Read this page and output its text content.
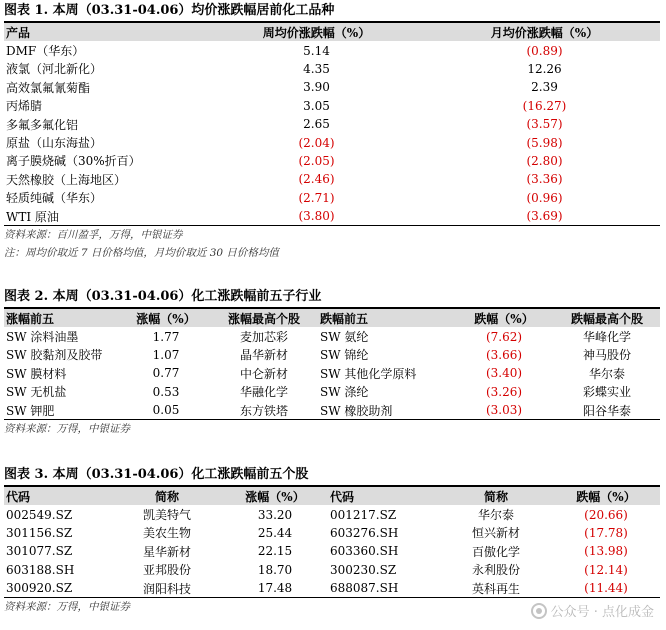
图表 1. 本周（03.31-04.06）均价涨跌幅居前化工品种
产品	周均价涨跌幅（%）	月均价涨跌幅（%）
DMF（华东）	5.14	(0.89)
液氯（河北新化）	4.35	12.26
高效氯氟氰菊酯	3.90	2.39
丙烯腈	3.05	(16.27)
多氟多氟化铝	2.65	(3.57)
原盐（山东海盐）	(2.04)	(5.98)
离子膜烧碱（30%折百）	(2.05)	(2.80)
天然橡胶（上海地区）	(2.46)	(3.36)
轻质纯碱（华东）	(2.71)	(0.96)
WTI 原油	(3.80)	(3.69)
资料来源：百川盈孚，万得，中银证券
注：周均价取近 7 日价格均值，月均价取近 30 日价格均值
图表 2. 本周（03.31-04.06）化工涨跌幅前五子行业
涨幅前五	涨幅（%）	涨幅最高个股	跌幅前五	跌幅（%）	跌幅最高个股
SW 涂料油墨	1.77	麦加芯彩	SW 氨纶	(7.62)	华峰化学
SW 胶黏剂及胶带	1.07	晶华新材	SW 锦纶	(3.66)	神马股份
SW 膜材料	0.77	中仑新材	SW 其他化学原料	(3.40)	华尔泰
SW 无机盐	0.53	华融化学	SW 涤纶	(3.26)	彩蝶实业
SW 钾肥	0.05	东方铁塔	SW 橡胶助剂	(3.03)	阳谷华泰
资料来源：万得，中银证券
图表 3. 本周（03.31-04.06）化工涨跌幅前五个股
代码	简称	涨幅（%）	代码	简称	跌幅（%）
002549.SZ	凯美特气	33.20	001217.SZ	华尔泰	(20.66)
301156.SZ	美农生物	25.44	603276.SH	恒兴新材	(17.78)
301077.SZ	星华新材	22.15	603360.SH	百傲化学	(13.98)
603188.SH	亚邦股份	18.70	300230.SZ	永利股份	(12.14)
300920.SZ	润阳科技	17.48	688087.SH	英科再生	(11.44)
资料来源：万得，中银证券	公众号 · 点化成金
